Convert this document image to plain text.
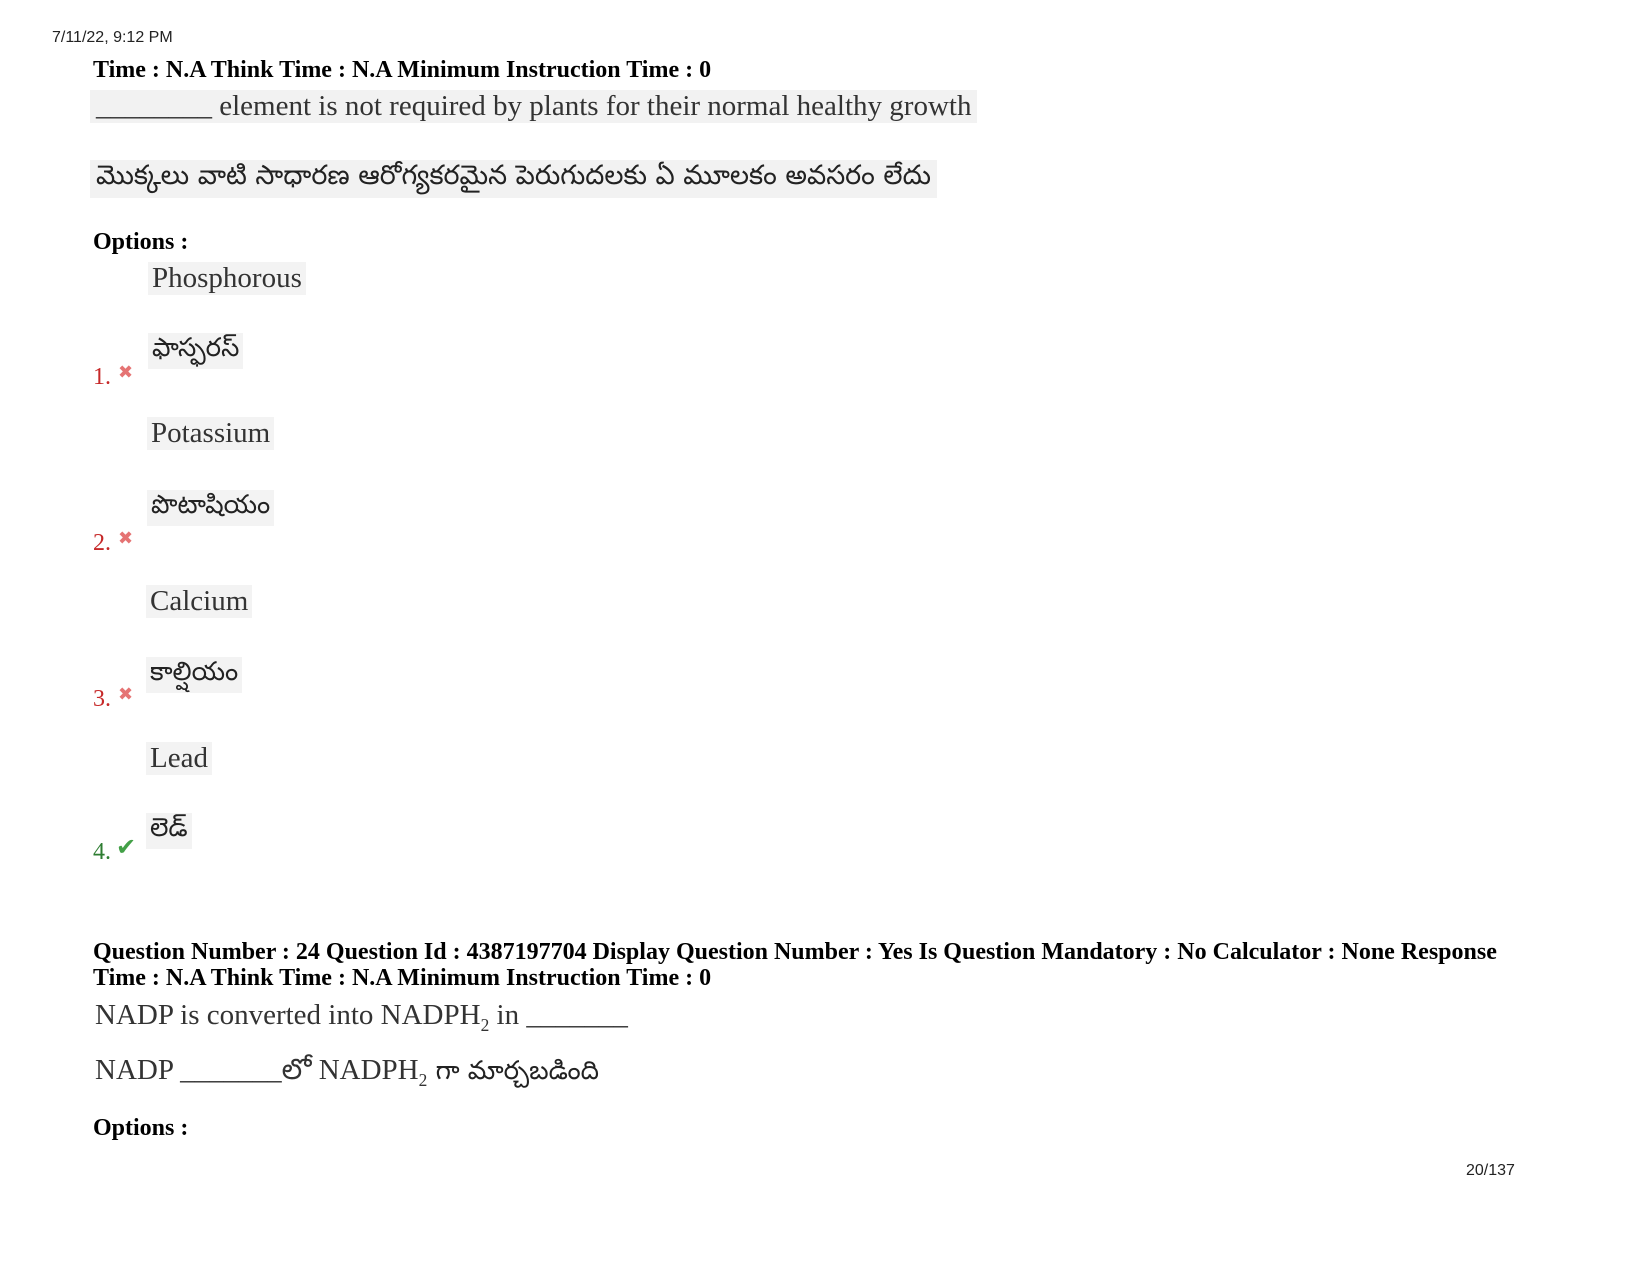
7/11/22, 9:12 PM
Time : N.A Think Time : N.A Minimum Instruction Time : 0
________ element is not required by plants for their normal healthy growth
మొక్కలు వాటి సాధారణ ఆరోగ్యకరమైన పెరుగుదలకు ఏ మూలకం అవసరం లేదు
Options :
Phosphorous
ఫాస్ఫరస్
1. ✖
Potassium
పొటాషియం
2. ✖
Calcium
కాల్షియం
3. ✖
Lead
లెడ్
4. ✔
Question Number : 24 Question Id : 4387197704 Display Question Number : Yes Is Question Mandatory : No Calculator : None Response
Time : N.A Think Time : N.A Minimum Instruction Time : 0
NADP is converted into $NADPH_2$ in _______
NADP _______లో $NADPH_2$ గా మార్చబడింది
Options :
20/137
